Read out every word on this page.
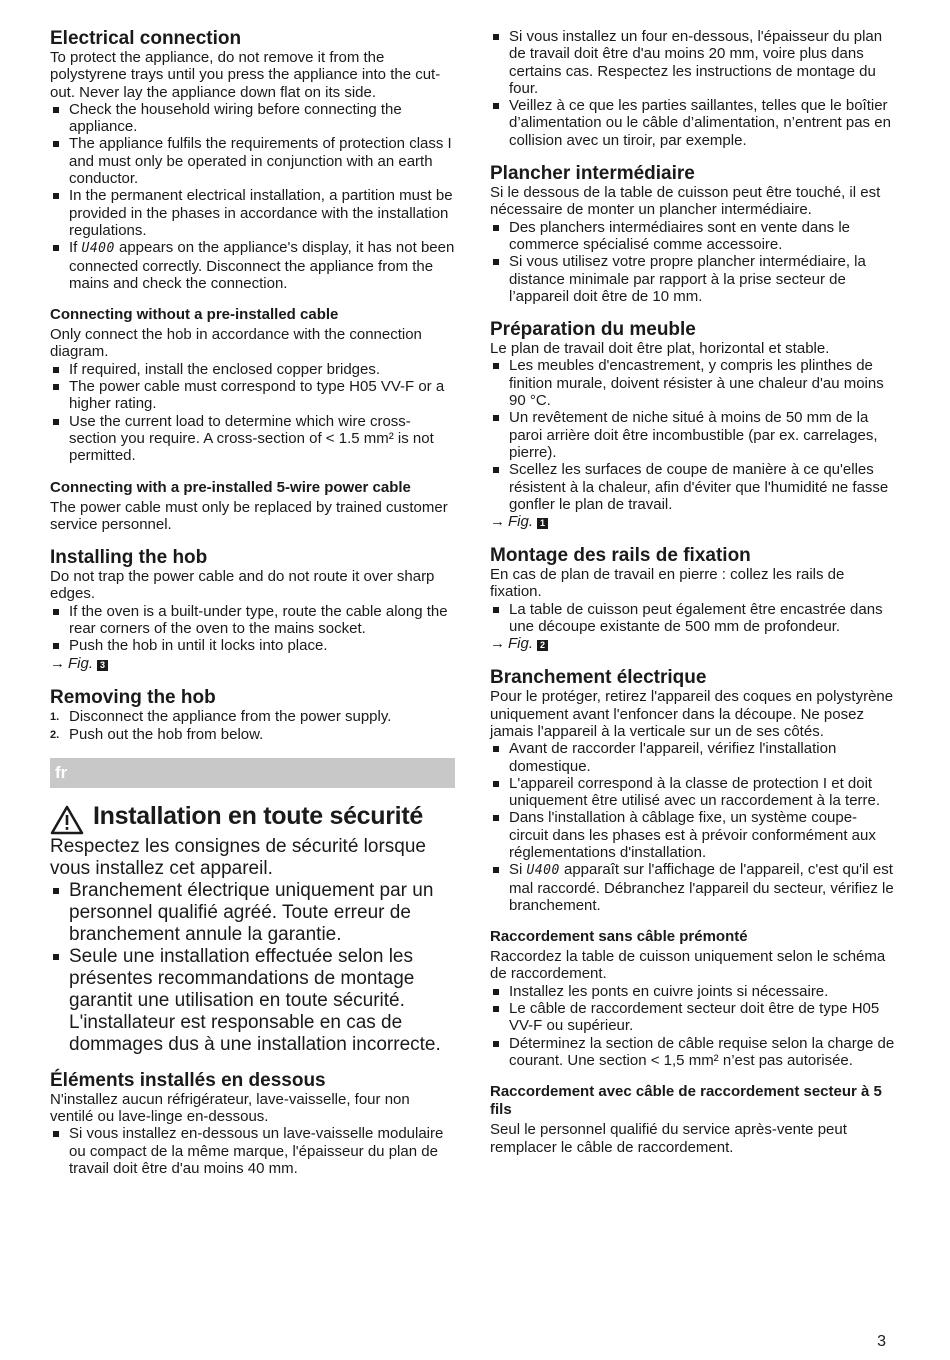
Electrical connection

To protect the appliance, do not remove it from the polystyrene trays until you press the appliance into the cut-out. Never lay the appliance down flat on its side.

Check the household wiring before connecting the appliance.
The appliance fulfils the requirements of protection class I and must only be operated in conjunction with an earth conductor.
In the permanent electrical installation, a partition must be provided in the phases in accordance with the installation regulations.
If U400 appears on the appliance's display, it has not been connected correctly. Disconnect the appliance from the mains and check the connection.
Connecting without a pre-installed cable

Only connect the hob in accordance with the connection diagram.

If required, install the enclosed copper bridges.
The power cable must correspond to type H05 VV-F or a higher rating.
Use the current load to determine which wire cross-section you require. A cross-section of < 1.5 mm² is not permitted.
Connecting with a pre-installed 5-wire power cable

The power cable must only be replaced by trained customer service personnel.

Installing the hob

Do not trap the power cable and do not route it over sharp edges.

If the oven is a built-under type, route the cable along the rear corners of the oven to the mains socket.
Push the hob in until it locks into place.
→ Fig. 3
Removing the hob
1. Disconnect the appliance from the power supply.
2. Push out the hob from below.
fr
Installation en toute sécurité

Respectez les consignes de sécurité lorsque vous installez cet appareil.

Branchement électrique uniquement par un personnel qualifié agréé. Toute erreur de branchement annule la garantie.
Seule une installation effectuée selon les présentes recommandations de montage garantit une utilisation en toute sécurité. L'installateur est responsable en cas de dommages dus à une installation incorrecte.
Éléments installés en dessous

N'installez aucun réfrigérateur, lave-vaisselle, four non ventilé ou lave-linge en-dessous.

Si vous installez en-dessous un lave-vaisselle modulaire ou compact de la même marque, l'épaisseur du plan de travail doit être d'au moins 40 mm.
Si vous installez un four en-dessous, l'épaisseur du plan de travail doit être d'au moins 20 mm, voire plus dans certains cas. Respectez les instructions de montage du four.
Veillez à ce que les parties saillantes, telles que le boîtier d’alimentation ou le câble d’alimentation, n’entrent pas en collision avec un tiroir, par exemple.
Plancher intermédiaire

Si le dessous de la table de cuisson peut être touché, il est nécessaire de monter un plancher intermédiaire.

Des planchers intermédiaires sont en vente dans le commerce spécialisé comme accessoire.
Si vous utilisez votre propre plancher intermédiaire, la distance minimale par rapport à la prise secteur de l’appareil doit être de 10 mm.
Préparation du meuble

Le plan de travail doit être plat, horizontal et stable.

Les meubles d'encastrement, y compris les plinthes de finition murale, doivent résister à une chaleur d'au moins 90 °C.
Un revêtement de niche situé à moins de 50 mm de la paroi arrière doit être incombustible (par ex. carrelages, pierre).
Scellez les surfaces de coupe de manière à ce qu'elles résistent à la chaleur, afin d'éviter que l'humidité ne fasse gonfler le plan de travail.
→ Fig. 1
Montage des rails de fixation

En cas de plan de travail en pierre : collez les rails de fixation.

La table de cuisson peut également être encastrée dans une découpe existante de 500 mm de profondeur.
→ Fig. 2
Branchement électrique

Pour le protéger, retirez l'appareil des coques en polystyrène uniquement avant l'enfoncer dans la découpe. Ne posez jamais l'appareil à la verticale sur un de ses côtés.

Avant de raccorder l'appareil, vérifiez l'installation domestique.
L'appareil correspond à la classe de protection I et doit uniquement être utilisé avec un raccordement à la terre.
Dans l'installation à câblage fixe, un système coupe-circuit dans les phases est à prévoir conformément aux réglementations d'installation.
Si U400 apparaît sur l'affichage de l'appareil, c'est qu'il est mal raccordé. Débranchez l'appareil du secteur, vérifiez le branchement.
Raccordement sans câble prémonté

Raccordez la table de cuisson uniquement selon le schéma de raccordement.

Installez les ponts en cuivre joints si nécessaire.
Le câble de raccordement secteur doit être de type H05 VV-F ou supérieur.
Déterminez la section de câble requise selon la charge de courant. Une section < 1,5 mm² n’est pas autorisée.
Raccordement avec câble de raccordement secteur à 5 fils

Seul le personnel qualifié du service après-vente peut remplacer le câble de raccordement.

3
